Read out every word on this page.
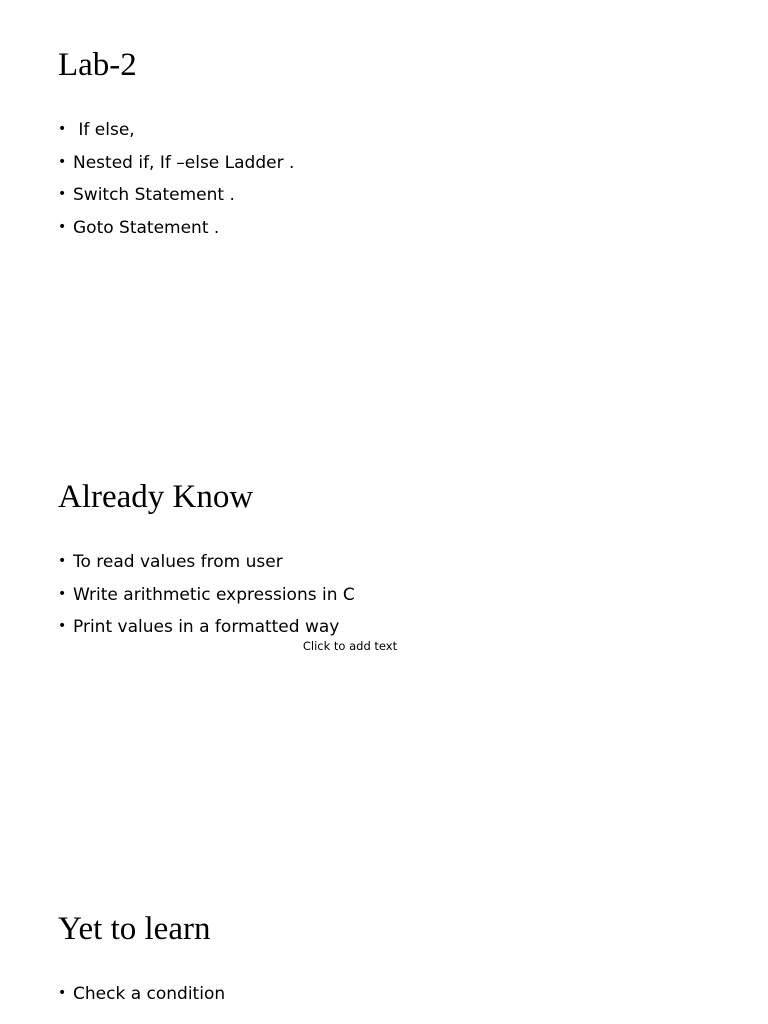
Lab-2
• If else,
• Nested if, If –else Ladder .
• Switch Statement .
• Goto Statement .
Already Know
• To read values from user
• Write arithmetic expressions in C
• Print values in a formatted way
Click to add text
Yet to learn
• Check a condition
